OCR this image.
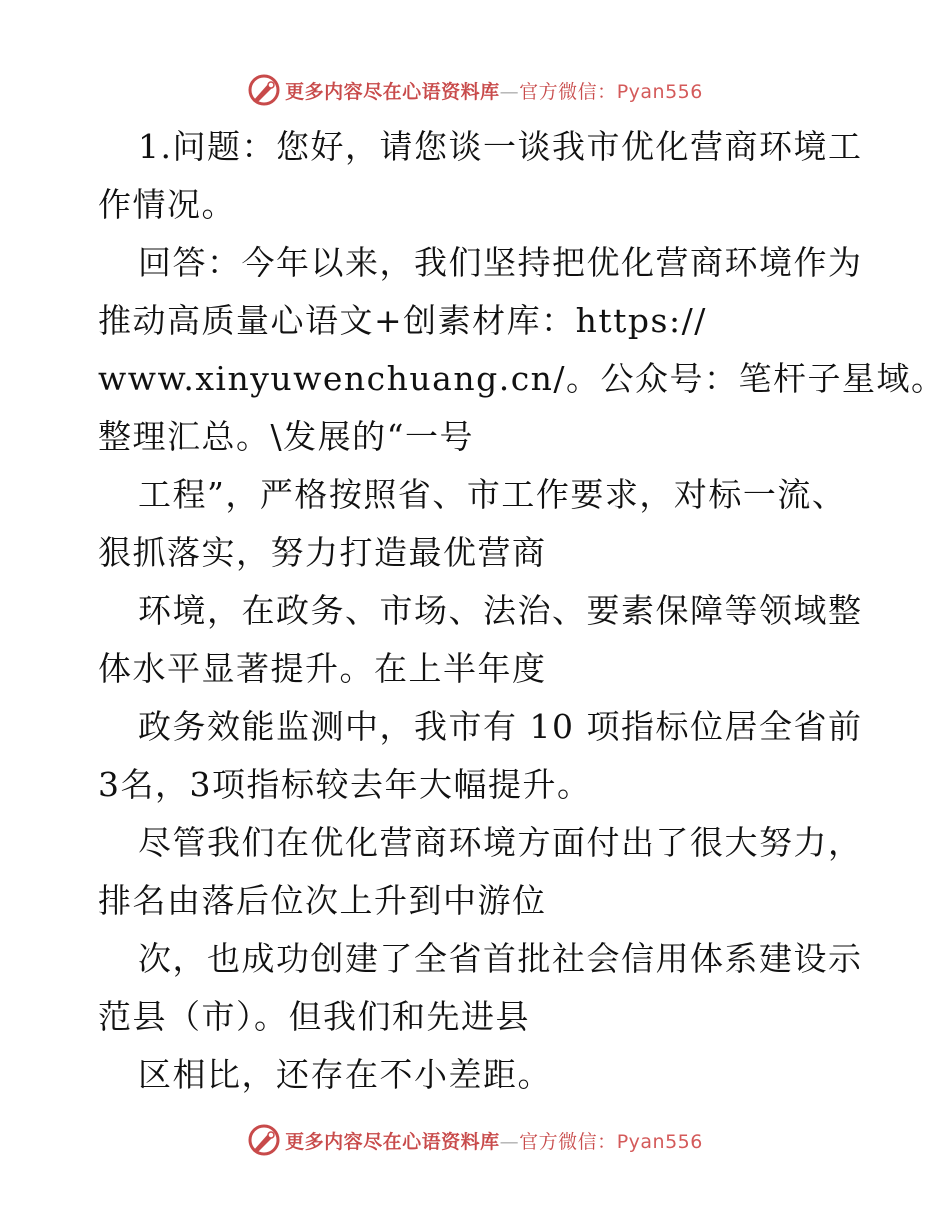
更多内容尽在心语资料库—官方微信：Pyan556
1.问题：您好，请您谈一谈我市优化营商环境工
作情况。
回答：今年以来，我们坚持把优化营商环境作为
推动高质量心语文+创素材库：https://
www.xinyuwenchuang.cn/。公众号：笔杆子星域。
整理汇总。\发展的“一号
工程”，严格按照省、市工作要求，对标一流、
狠抓落实，努力打造最优营商
环境，在政务、市场、法治、要素保障等领域整
体水平显著提升。在上半年度
政务效能监测中，我市有 10 项指标位居全省前
3名，3项指标较去年大幅提升。
尽管我们在优化营商环境方面付出了很大努力，
排名由落后位次上升到中游位
次，也成功创建了全省首批社会信用体系建设示
范县（市）。但我们和先进县
区相比，还存在不小差距。
更多内容尽在心语资料库—官方微信：Pyan556
